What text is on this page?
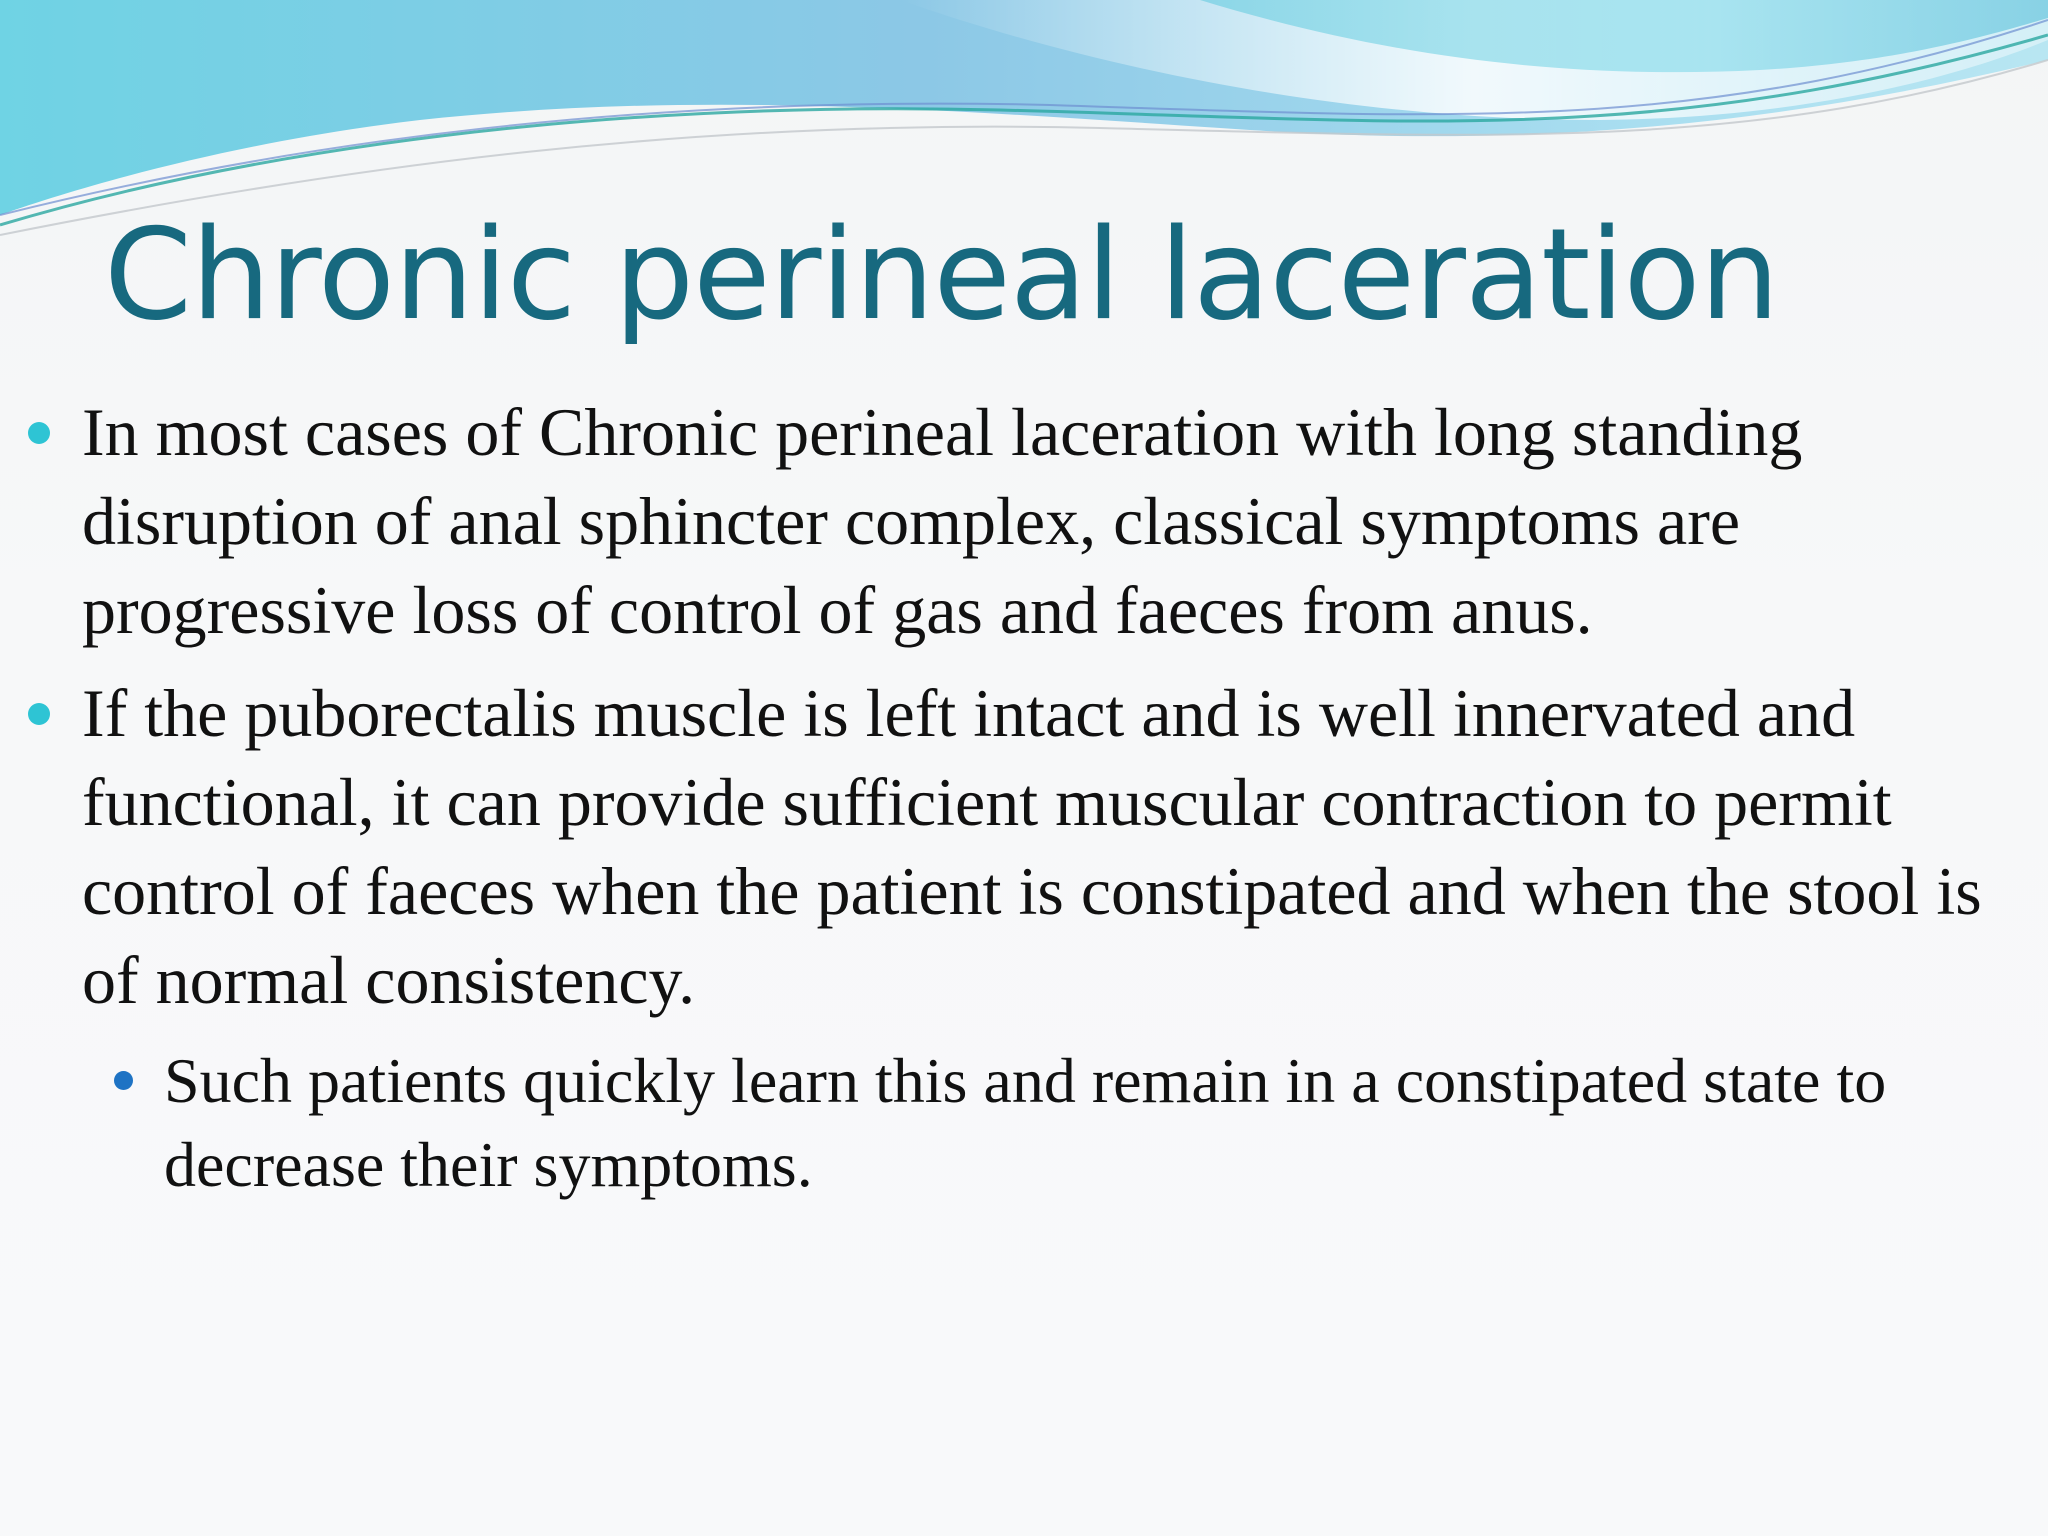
Chronic perineal laceration

In most cases of Chronic perineal laceration with long standing disruption of anal sphincter complex, classical symptoms are progressive loss of control of gas and faeces from anus.

If the puborectalis muscle is left intact and is well innervated and functional, it can provide sufficient muscular contraction to permit control of faeces when the patient is constipated and when the stool is of normal consistency.

Such patients quickly learn this and remain in a constipated state to decrease their symptoms.
